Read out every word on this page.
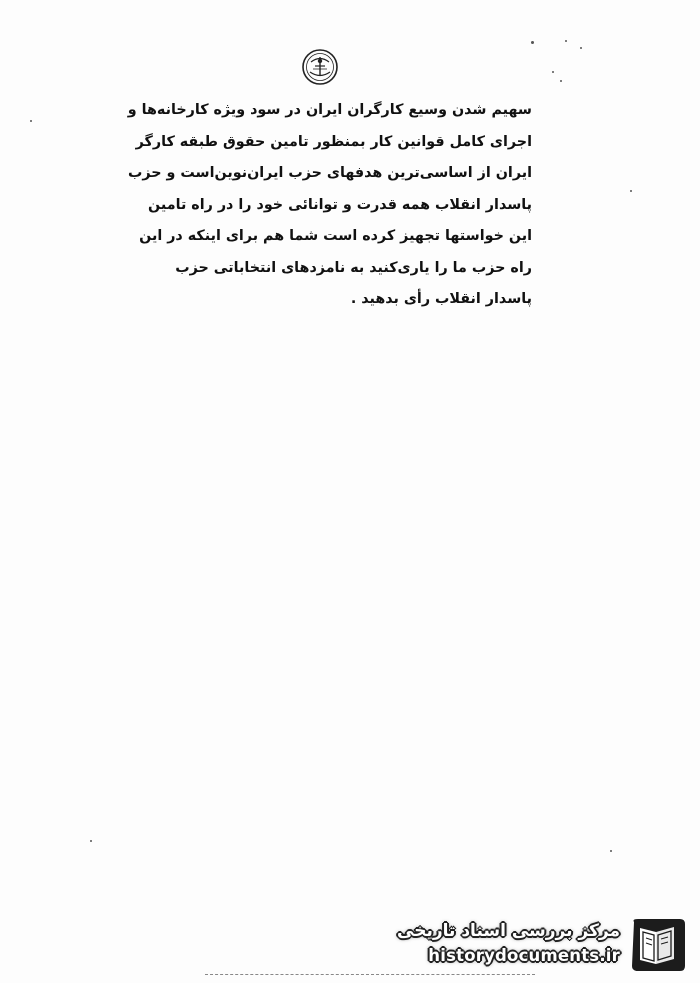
سهیم شدن وسیع کارگران ایران در سود ویژه کارخانه‌ها و
اجرای کامل قوانین کار بمنظور تامین حقوق طبقه کارگر
ایران از اساسی‌ترین هدفهای حزب ایران‌نوین‌است و حزب
پاسدار انقلاب همه قدرت و توانائی خود را در راه تامین
این خواستها تجهیز کرده است شما هم برای اینکه در این
راه حزب ما را یاری‌کنید به نامزدهای انتخاباتی حزب
پاسدار انقلاب رأی بدهید .
مرکز بررسی اسناد تاریخی
historydocuments.ir
